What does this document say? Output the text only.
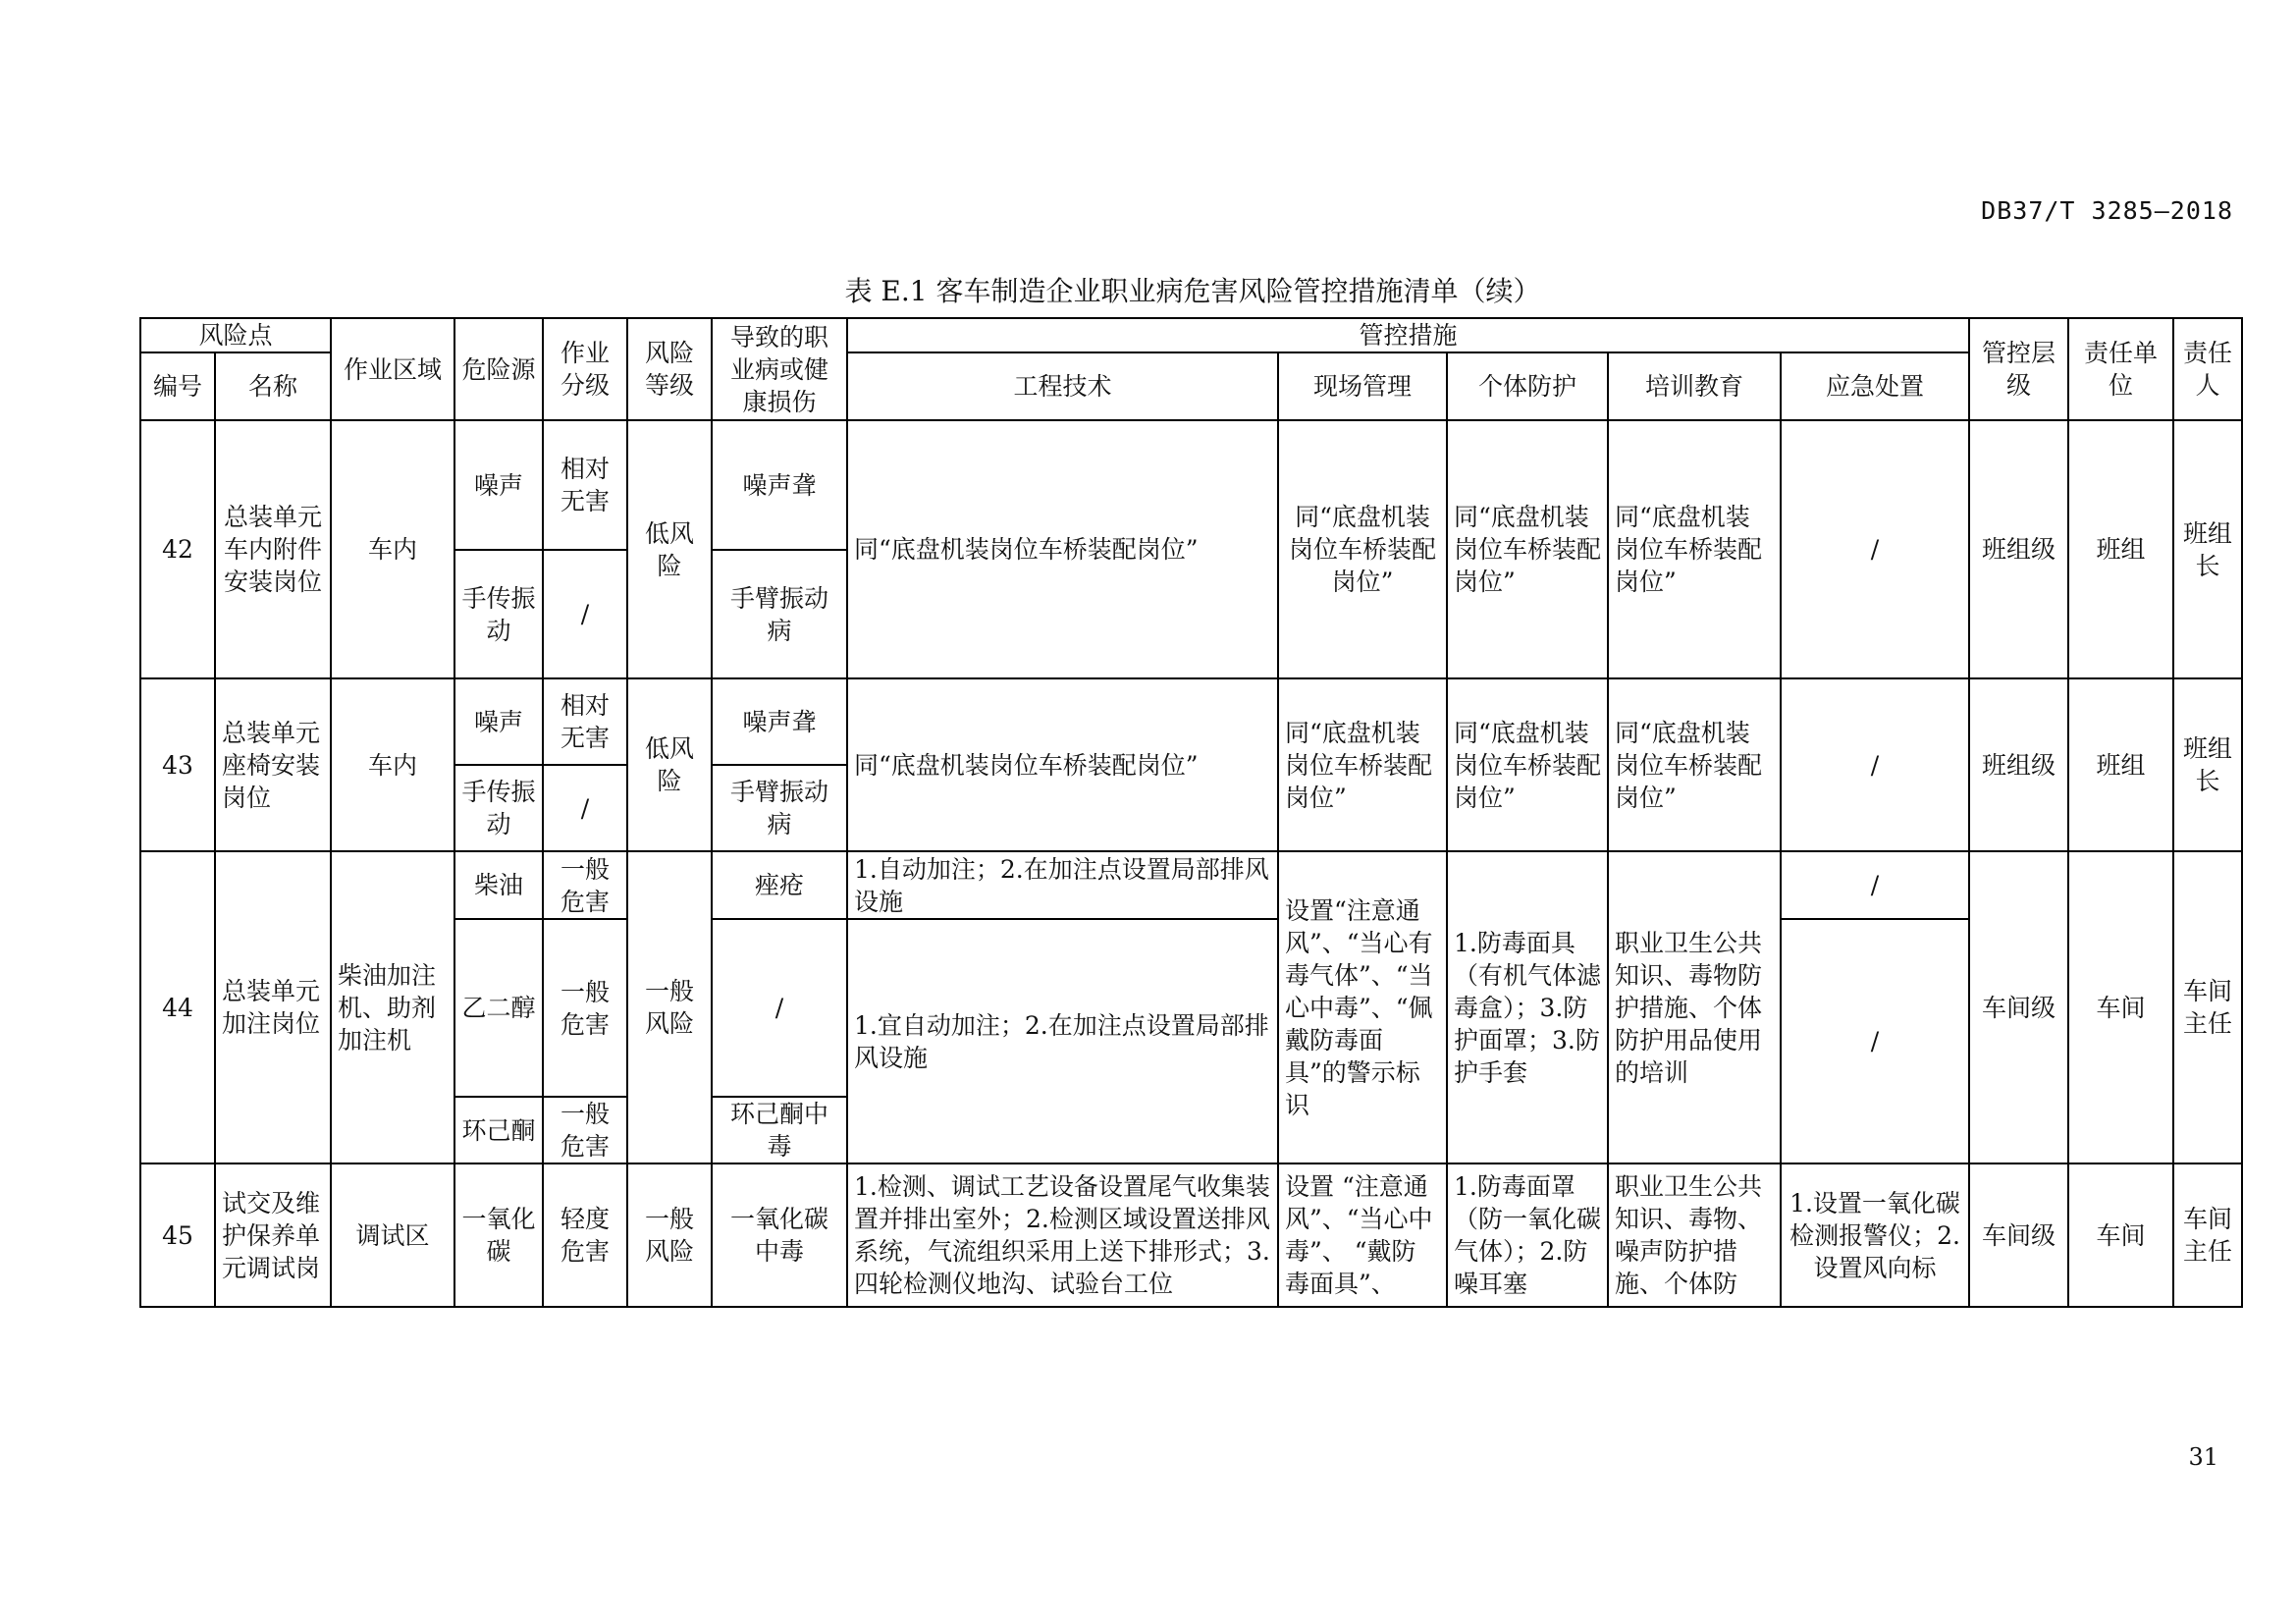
DB37/T 3285—2018
表 E.1 客车制造企业职业病危害风险管控措施清单（续）
风险点		作业区域	危险源	作业分级	风险等级	导致的职业病或健康损伤	管控措施					管控层级	责任单位	责任人
编号	名称						工程技术	现场管理	个体防护	培训教育	应急处置			
42	总装单元车内附件安装岗位	车内	噪声	相对无害	低风险	噪声聋	同“底盘机装岗位车桥装配岗位”	同“底盘机装岗位车桥装配岗位”	同“底盘机装岗位车桥装配岗位”	同“底盘机装岗位车桥装配岗位”	/	班组级	班组	班组长
			手传振动	/		手臂振动病								
43	总装单元座椅安装岗位	车内	噪声	相对无害	低风险	噪声聋	同“底盘机装岗位车桥装配岗位”	同“底盘机装岗位车桥装配岗位”	同“底盘机装岗位车桥装配岗位”	同“底盘机装岗位车桥装配岗位”	/	班组级	班组	班组长
			手传振动	/		手臂振动病								
44	总装单元加注岗位	柴油加注机、助剂加注机	柴油	一般危害	一般风险	痤疮	1.自动加注；2.在加注点设置局部排风设施	设置“注意通风”、“当心有毒气体”、“当心中毒”、“佩戴防毒面具”的警示标识	1.防毒面具（有机气体滤毒盒）；3.防护面罩；3.防护手套	职业卫生公共知识、毒物防护措施、个体防护用品使用的培训	/	车间级	车间	车间主任
			乙二醇	一般危害		/	1.宜自动加注；2.在加注点设置局部排风设施				/			
			环己酮	一般危害		环己酮中毒								
45	试交及维护保养单元调试岗	调试区	一氧化碳	轻度危害	一般风险	一氧化碳中毒	1.检测、调试工艺设备设置尾气收集装置并排出室外；2.检测区域设置送排风系统，气流组织采用上送下排形式；3.四轮检测仪地沟、试验台工位	设置 “注意通风”、“当心中毒”、 “戴防毒面具”、	1.防毒面罩（防一氧化碳气体）；2.防噪耳塞	职业卫生公共知识、毒物、噪声防护措施、个体防	1.设置一氧化碳检测报警仪；2.设置风向标	车间级	车间	车间主任
31
